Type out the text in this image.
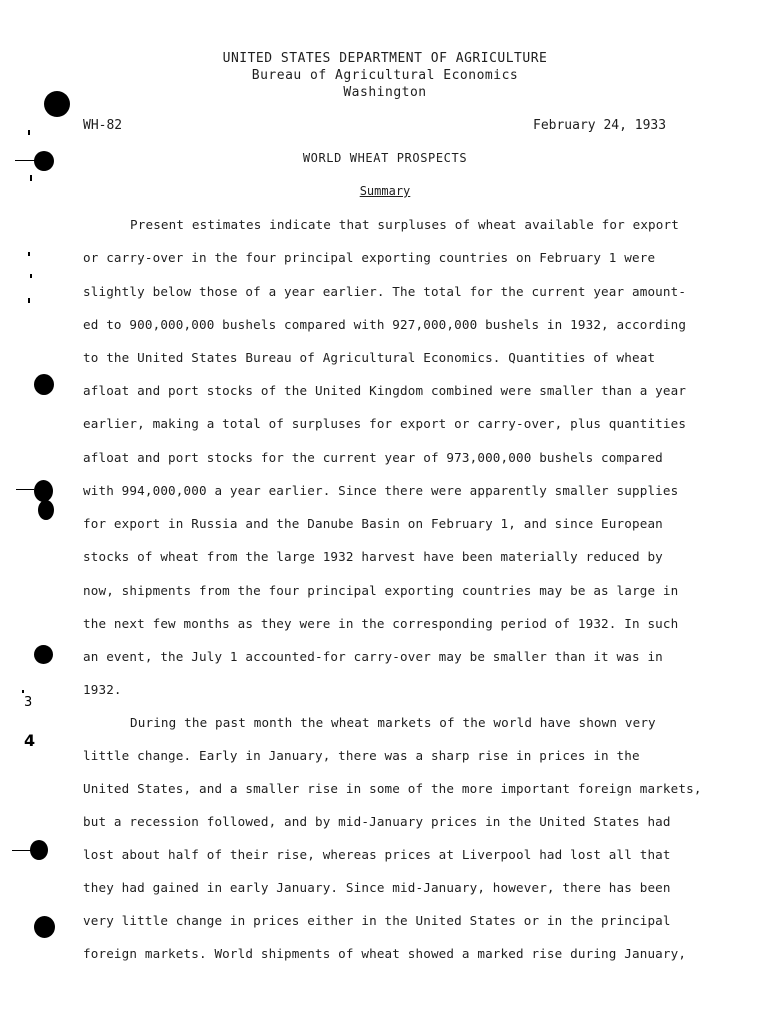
UNITED STATES DEPARTMENT OF AGRICULTURE
Bureau of Agricultural Economics
Washington
WH-82	February 24, 1933
WORLD WHEAT PROSPECTS
Summary
Present estimates indicate that surpluses of wheat available for export
or carry-over in the four principal exporting countries on February 1 were
slightly below those of a year earlier. The total for the current year amount-
ed to 900,000,000 bushels compared with 927,000,000 bushels in 1932, according
to the United States Bureau of Agricultural Economics. Quantities of wheat
afloat and port stocks of the United Kingdom combined were smaller than a year
earlier, making a total of surpluses for export or carry-over, plus quantities
afloat and port stocks for the current year of 973,000,000 bushels compared
with 994,000,000 a year earlier. Since there were apparently smaller supplies
for export in Russia and the Danube Basin on February 1, and since European
stocks of wheat from the large 1932 harvest have been materially reduced by
now, shipments from the four principal exporting countries may be as large in
the next few months as they were in the corresponding period of 1932. In such
an event, the July 1 accounted-for carry-over may be smaller than it was in
1932.
During the past month the wheat markets of the world have shown very
little change. Early in January, there was a sharp rise in prices in the
United States, and a smaller rise in some of the more important foreign markets,
but a recession followed, and by mid-January prices in the United States had
lost about half of their rise, whereas prices at Liverpool had lost all that
they had gained in early January. Since mid-January, however, there has been
very little change in prices either in the United States or in the principal
foreign markets. World shipments of wheat showed a marked rise during January,
3
4
